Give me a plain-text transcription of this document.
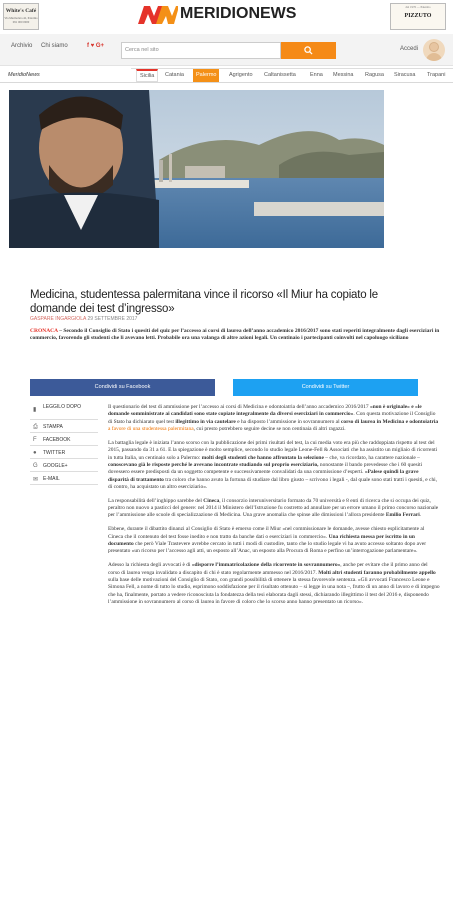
White's Café
Via Marmolata 42, Palermo 091 000 0000	MERIDIONEWS	dal 1976 — Palermo
PIZZUTO
Archivio Chi siamo	f ♥ G+
Cerca nel sito	Accedi
MeridioNews	Sicilia	Catania	Palermo	Agrigento Caltanissetta	Enna Messina Ragusa Siracusa Trapani
Medicina, studentessa palermitana vince il ricorso «Il Miur ha copiato le domande dei test d’ingresso»
GASPARE INGARGIOLA 29 SETTEMBRE 2017
CRONACA – Secondo il Consiglio di Stato i quesiti del quiz per l’accesso ai corsi di laurea dell’anno accademico 2016/2017 sono stati reperiti integralmente dagli eserciziari in commercio, favorendo gli studenti che li avevano letti. Probabile ora una valanga di altre azioni legali. Un centinaio i partecipanti coinvolti nel capoluogo siciliano
Condividi su Facebook	Condividi su Twitter
▮ LEGGILO DOPO
⎙ STAMPA
F FACEBOOK
● TWITTER
G GOOGLE+
✉ E-MAIL

Il questionario del test di ammissione per l’accesso ai corsi di Medicina e odontoiatria dell’anno accademico 2016/2017 «non è originale» e «le domande somministrate ai candidati sono state copiate integralmente da diversi eserciziari in commercio». Con questa motivazione il Consiglio di Stato ha dichiarato quel test illegittimo in via cautelare e ha disposto l’ammissione in sovrannumero al corso di laurea in Medicina e odontoiatria a favore di una studentessa palermitana, cui presto potrebbero seguire decine se non centinaia di altri ragazzi.

La battaglia legale è iniziata l’anno scorso con la pubblicazione dei primi risultati del test, la cui media voto era più che raddoppiata rispetto al test del 2015, passando da 31 a 61. E la spiegazione è molto semplice, secondo lo studio legale Leone-Fell & Associati che ha assistito un migliaio di ricorrenti in tutta Italia, un centinaio solo a Palermo: molti degli studenti che hanno affrontato la selezione – che, va ricordato, ha carattere nazionale – conoscevano già le risposte perché le avevano incontrate studiando sul proprio eserciziario, nonostante il bando prevedesse che i 60 quesiti dovessero essere predisposti da un soggetto competente e successivamente convalidati da una commissione d’esperti. «Palese quindi la grave disparità di trattamento tra coloro che hanno avuto la fortuna di studiare dal libro giusto – scrivono i legali -, dal quale sono stati tratti i quesiti, e chi, di contro, ha acquistato un altro eserciziario».

La responsabilità dell’inghippo sarebbe del Cineca, il consorzio interuniversitario formato da 70 università e 8 enti di ricerca che si occupa dei quiz, peraltro non nuovo a pasticci del genere: nel 2014 il Ministero dell’Istruzione fu costretto ad annullare per un errore umano il primo concorso nazionale per l’ammissione alle scuole di specializzazione di Medicina. Una grave anomalia che spinse alle dimissioni l’allora presidente Emilio Ferrari.

Ebbene, durante il dibattito dinanzi al Consiglio di Stato è emerso come il Miur «nel commissionare le domande, avesse chiesto esplicitamente al Cineca che il contenuto del test fosse inedito e non tratto da banche dati o eserciziari in commercio». Una richiesta messa per iscritto in un documento che però Viale Trastevere avrebbe cercato in tutti i modi di custodire, tanto che lo studio legale vi ha avuto accesso soltanto dopo aver presentato «un ricorso per l’accesso agli atti, un esposto all’Anac, un esposto alla Procura di Roma e perfino un’interrogazione parlamentare».

Adesso la richiesta degli avvocati è di «disporre l’immatricolazione della ricorrente in sovrannumero», anche per evitare che il primo anno del corso di laurea venga invalidato a discapito di chi è stato regolarmente ammesso nel 2016/2017. Molti altri studenti faranno probabilmente appello sulla base delle motivazioni del Consiglio di Stato, con grandi possibilità di ottenere la stessa favorevole sentenza. «Gli avvocati Francesco Leone e Simona Fell, a nome di tutto lo studio, esprimono soddisfazione per il risultato ottenuto – si legge in una nota –, frutto di un anno di lavoro e di impegno che ha, finalmente, portato a vedere riconosciuta la fondatezza della tesi elaborata dagli stessi, dichiarando illegittimo il test del 2016 e, disponendo l’ammissione in sovrannumero al corso di laurea in favore di coloro che lo scorso anno hanno presentato un ricorso».
